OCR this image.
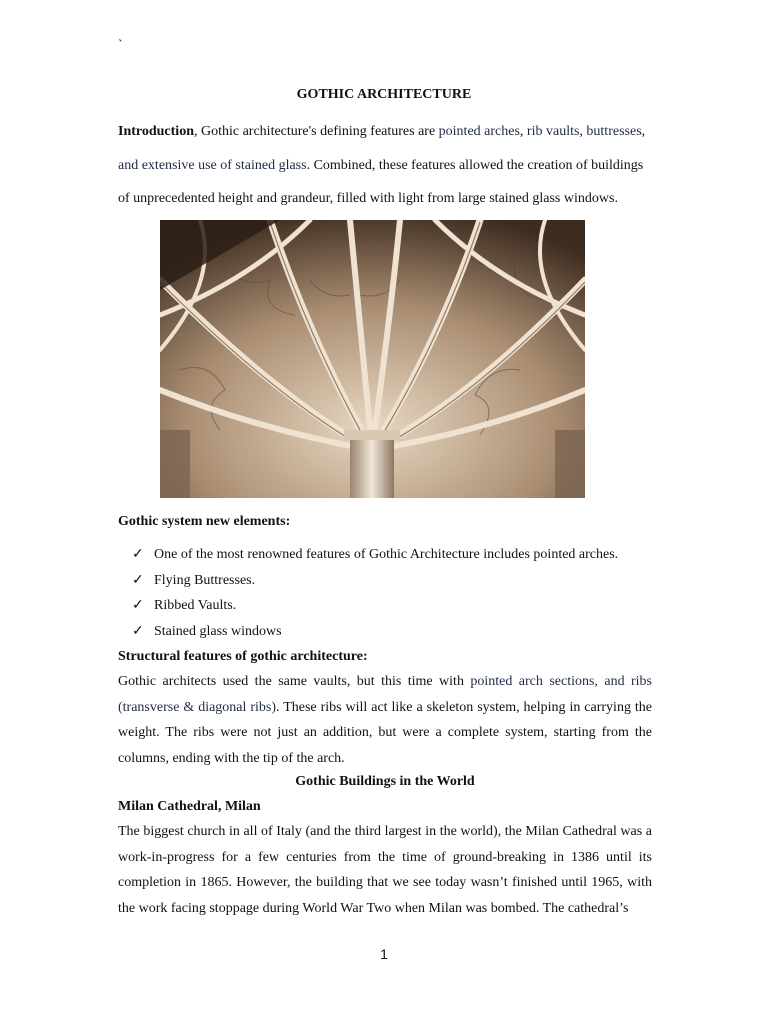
`
GOTHIC ARCHITECTURE

Introduction, Gothic architecture's defining features are pointed arches, rib vaults, buttresses, and extensive use of stained glass. Combined, these features allowed the creation of buildings of unprecedented height and grandeur, filled with light from large stained glass windows.

Gothic system new elements:

✓ One of the most renowned features of Gothic Architecture includes pointed arches.
✓ Flying Buttresses.
✓ Ribbed Vaults.
✓ Stained glass windows

Structural features of gothic architecture:

Gothic architects used the same vaults, but this time with pointed arch sections, and ribs (transverse & diagonal ribs). These ribs will act like a skeleton system, helping in carrying the weight. The ribs were not just an addition, but were a complete system, starting from the columns, ending with the tip of the arch.

Gothic Buildings in the World

Milan Cathedral, Milan

The biggest church in all of Italy (and the third largest in the world), the Milan Cathedral was a work-in-progress for a few centuries from the time of ground-breaking in 1386 until its completion in 1865. However, the building that we see today wasn’t finished until 1965, with the work facing stoppage during World War Two when Milan was bombed. The cathedral’s

1
